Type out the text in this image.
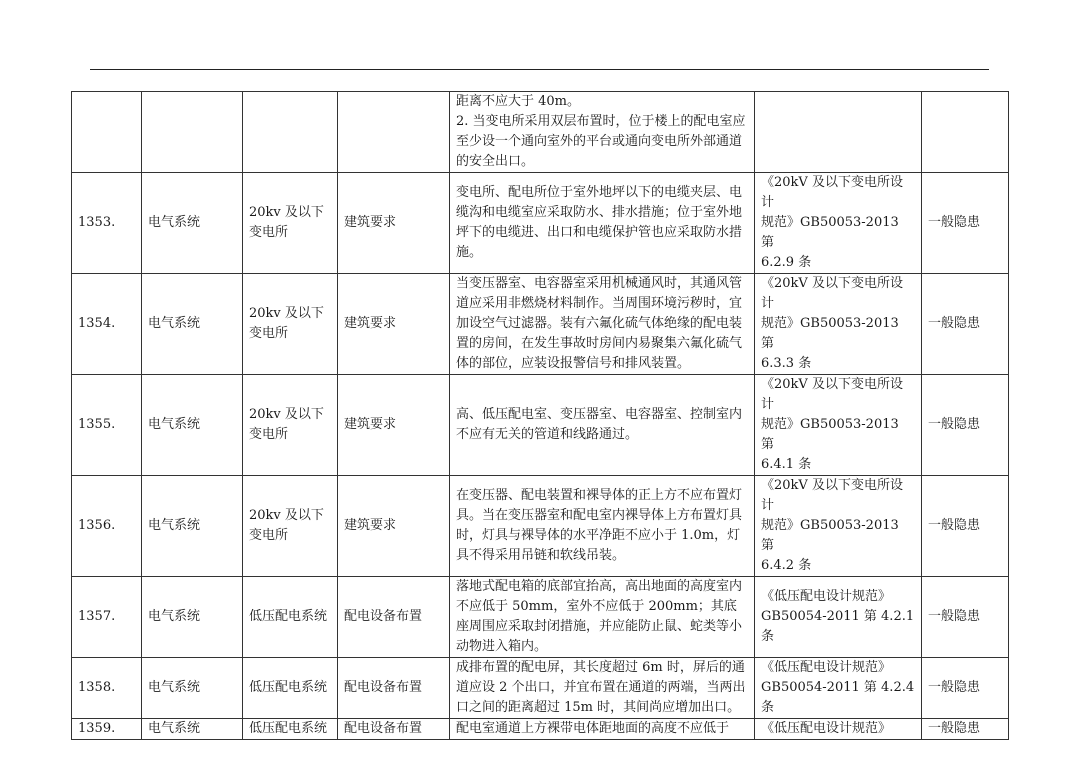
				距离不应大于 40m。
2. 当变电所采用双层布置时，位于楼上的配电室应至少设一个通向室外的平台或通向变电所外部通道的安全出口。		
1353.	电气系统	20kv 及以下
变电所	建筑要求	变电所、配电所位于室外地坪以下的电缆夹层、电缆沟和电缆室应采取防水、排水措施；位于室外地坪下的电缆进、出口和电缆保护管也应采取防水措施。	《20kV 及以下变电所设计
规范》GB50053-2013 第
6.2.9 条	一般隐患
1354.	电气系统	20kv 及以下
变电所	建筑要求	当变压器室、电容器室采用机械通风时，其通风管道应采用非燃烧材料制作。当周围环境污秽时，宜加设空气过滤器。装有六氟化硫气体绝缘的配电装置的房间，在发生事故时房间内易聚集六氟化硫气体的部位，应装设报警信号和排风装置。	《20kV 及以下变电所设计
规范》GB50053-2013 第
6.3.3 条	一般隐患
1355.	电气系统	20kv 及以下
变电所	建筑要求	高、低压配电室、变压器室、电容器室、控制室内不应有无关的管道和线路通过。	《20kV 及以下变电所设计
规范》GB50053-2013 第
6.4.1 条	一般隐患
1356.	电气系统	20kv 及以下
变电所	建筑要求	在变压器、配电装置和裸导体的正上方不应布置灯具。当在变压器室和配电室内裸导体上方布置灯具时，灯具与裸导体的水平净距不应小于 1.0m，灯具不得采用吊链和软线吊装。	《20kV 及以下变电所设计
规范》GB50053-2013 第
6.4.2 条	一般隐患
1357.	电气系统	低压配电系统	配电设备布置	落地式配电箱的底部宜抬高，高出地面的高度室内不应低于 50mm，室外不应低于 200mm；其底座周围应采取封闭措施，并应能防止鼠、蛇类等小动物进入箱内。	《低压配电设计规范》
GB50054-2011 第 4.2.1 条	一般隐患
1358.	电气系统	低压配电系统	配电设备布置	成排布置的配电屏，其长度超过 6m 时，屏后的通道应设 2 个出口，并宜布置在通道的两端，当两出口之间的距离超过 15m 时，其间尚应增加出口。	《低压配电设计规范》
GB50054-2011 第 4.2.4 条	一般隐患
1359.	电气系统	低压配电系统	配电设备布置	配电室通道上方裸带电体距地面的高度不应低于	《低压配电设计规范》	一般隐患
